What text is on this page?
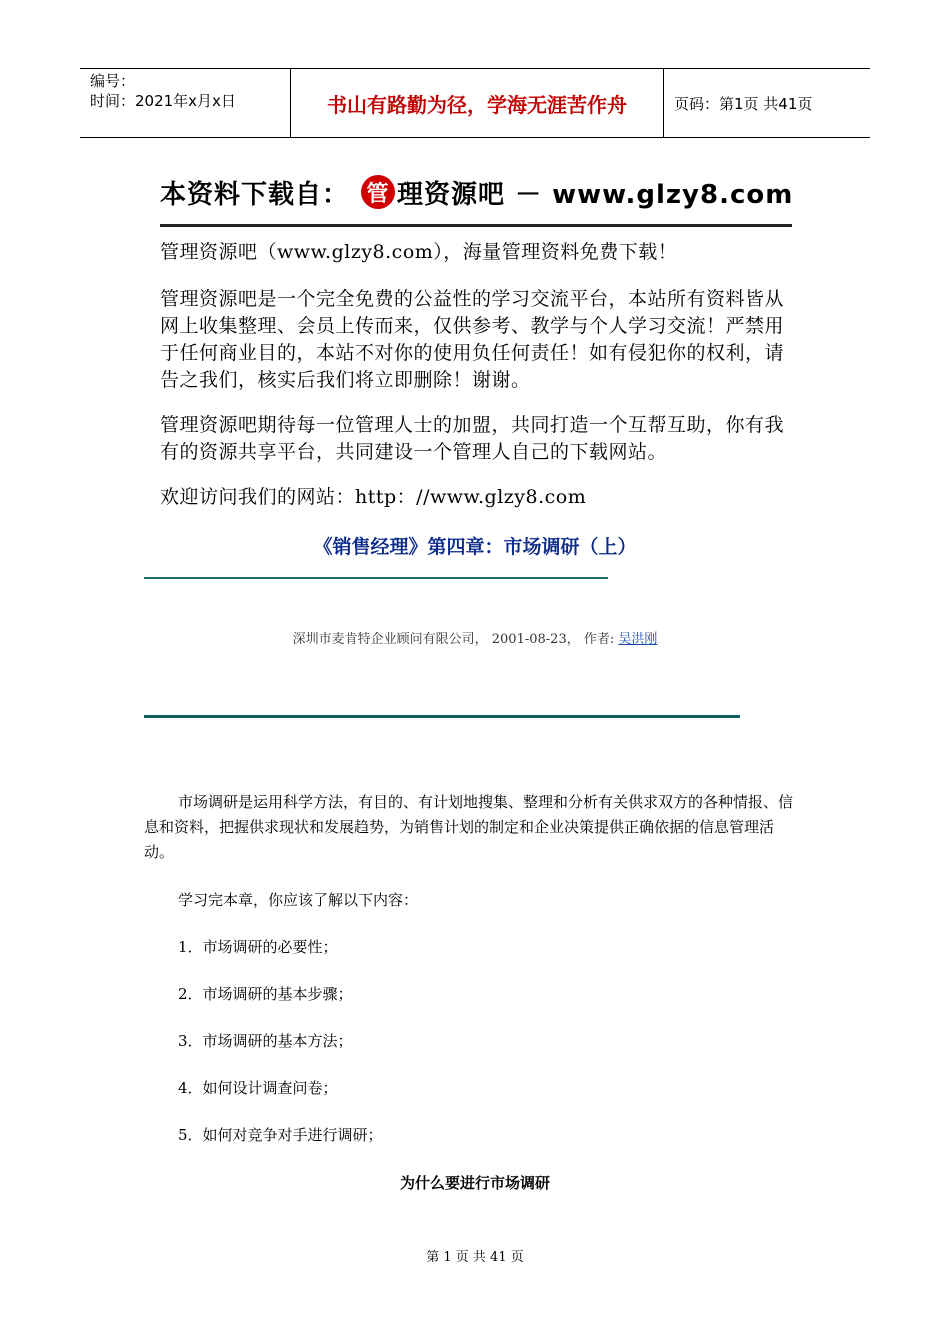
编号：
时间：2021年x月x日	书山有路勤为径，学海无涯苦作舟	页码：第1页 共41页
本资料下载自： 管 理资源吧 － www.glzy8.com

管理资源吧（www.glzy8.com），海量管理资料免费下载！

管理资源吧是一个完全免费的公益性的学习交流平台，本站所有资料皆从网上收集整理、会员上传而来，仅供参考、教学与个人学习交流！严禁用于任何商业目的，本站不对你的使用负任何责任！如有侵犯你的权利，请告之我们，核实后我们将立即删除！谢谢。

管理资源吧期待每一位管理人士的加盟，共同打造一个互帮互助，你有我有的资源共享平台，共同建设一个管理人自己的下载网站。

欢迎访问我们的网站：http：//www.glzy8.com

《销售经理》第四章：市场调研（上）
深圳市麦肯特企业顾问有限公司， 2001-08-23， 作者: 吴洪刚
市场调研是运用科学方法，有目的、有计划地搜集、整理和分析有关供求双方的各种情报、信息和资料，把握供求现状和发展趋势，为销售计划的制定和企业决策提供正确依据的信息管理活动。
学习完本章，你应该了解以下内容：
1．市场调研的必要性；
2．市场调研的基本步骤；
3．市场调研的基本方法；
4．如何设计调查问卷；
5．如何对竞争对手进行调研；
为什么要进行市场调研
第 1 页 共 41 页
